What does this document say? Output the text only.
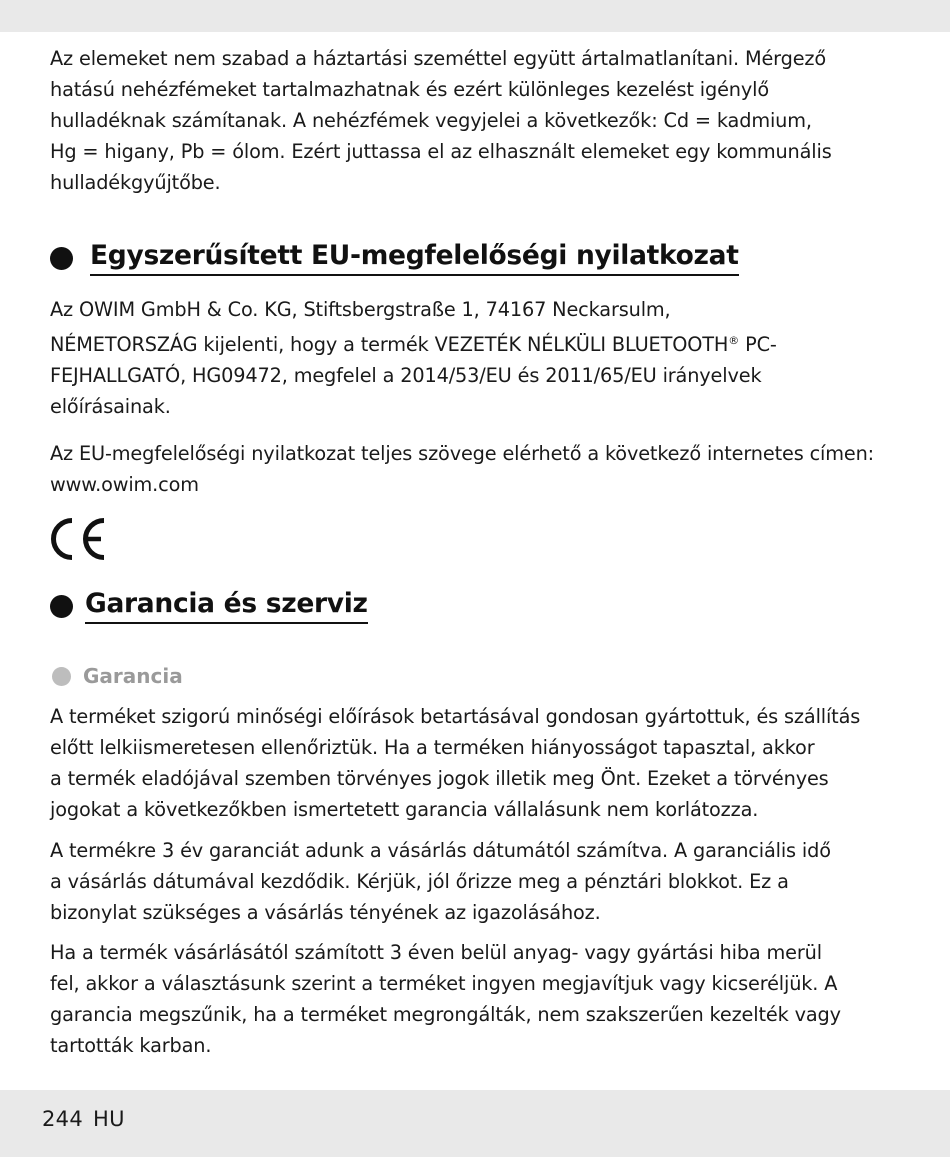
Az elemeket nem szabad a háztartási szeméttel együtt ártalmatlanítani. Mérgező
hatású nehézfémeket tartalmazhatnak és ezért különleges kezelést igénylő
hulladéknak számítanak. A nehézfémek vegyjelei a következők: Cd = kadmium,
Hg = higany, Pb = ólom. Ezért juttassa el az elhasznált elemeket egy kommunális
hulladékgyűjtőbe.

Egyszerűsített EU-megfelelőségi nyilatkozat

Az OWIM GmbH & Co. KG, Stiftsbergstraße 1, 74167 Neckarsulm,
NÉMETORSZÁG kijelenti, hogy a termék VEZETÉK NÉLKÜLI BLUETOOTH® PC-
FEJHALLGATÓ, HG09472, megfelel a 2014/53/EU és 2011/65/EU irányelvek
előírásainak.

Az EU-megfelelőségi nyilatkozat teljes szövege elérhető a következő internetes címen:
www.owim.com

Garancia és szerviz
Garancia

A terméket szigorú minőségi előírások betartásával gondosan gyártottuk, és szállítás
előtt lelkiismeretesen ellenőriztük. Ha a terméken hiányosságot tapasztal, akkor
a termék eladójával szemben törvényes jogok illetik meg Önt. Ezeket a törvényes
jogokat a következőkben ismertetett garancia vállalásunk nem korlátozza.

A termékre 3 év garanciát adunk a vásárlás dátumától számítva. A garanciális idő
a vásárlás dátumával kezdődik. Kérjük, jól őrizze meg a pénztári blokkot. Ez a
bizonylat szükséges a vásárlás tényének az igazolásához.

Ha a termék vásárlásától számított 3 éven belül anyag- vagy gyártási hiba merül
fel, akkor a választásunk szerint a terméket ingyen megjavítjuk vagy kicseréljük. A
garancia megszűnik, ha a terméket megrongálták, nem szakszerűen kezelték vagy
tartották karban.

244 HU
